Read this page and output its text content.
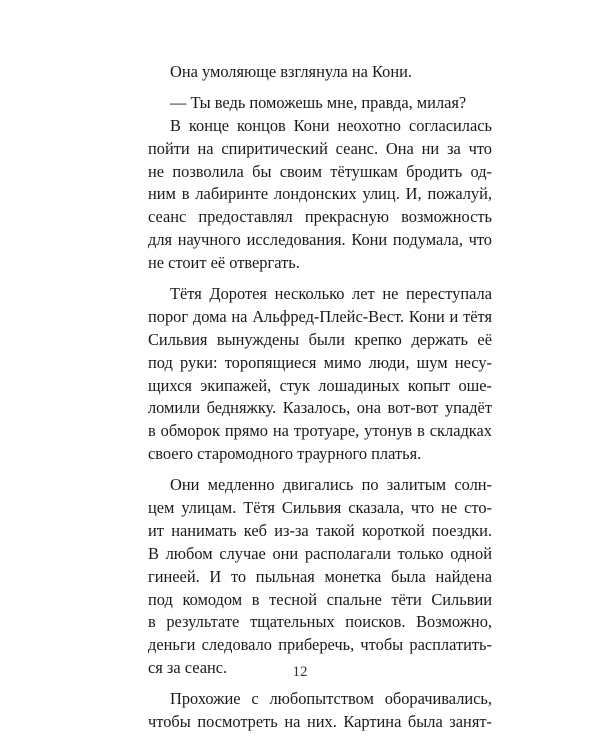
Она умоляюще взглянула на Кони.
— Ты ведь поможешь мне, правда, милая?
В конце концов Кони неохотно согласилась
пойти на спиритический сеанс. Она ни за что
не позволила бы своим тётушкам бродить од-
ним в лабиринте лондонских улиц. И, пожалуй,
сеанс предоставлял прекрасную возможность
для научного исследования. Кони подумала, что
не стоит её отвергать.
Тётя Доротея несколько лет не переступала
порог дома на Альфред-Плейс-Вест. Кони и тётя
Сильвия вынуждены были крепко держать её
под руки: торопящиеся мимо люди, шум несу-
щихся экипажей, стук лошадиных копыт оше-
ломили бедняжку. Казалось, она вот-вот упадёт
в обморок прямо на тротуаре, утонув в складках
своего старомодного траурного платья.
Они медленно двигались по залитым солн-
цем улицам. Тётя Сильвия сказала, что не сто-
ит нанимать кеб из-за такой короткой поездки.
В любом случае они располагали только одной
гинеей. И то пыльная монетка была найдена
под комодом в тесной спальне тёти Сильвии
в результате тщательных поисков. Возможно,
деньги следовало приберечь, чтобы расплатить-
ся за сеанс.
Прохожие с любопытством оборачивались,
чтобы посмотреть на них. Картина была занят-
12
